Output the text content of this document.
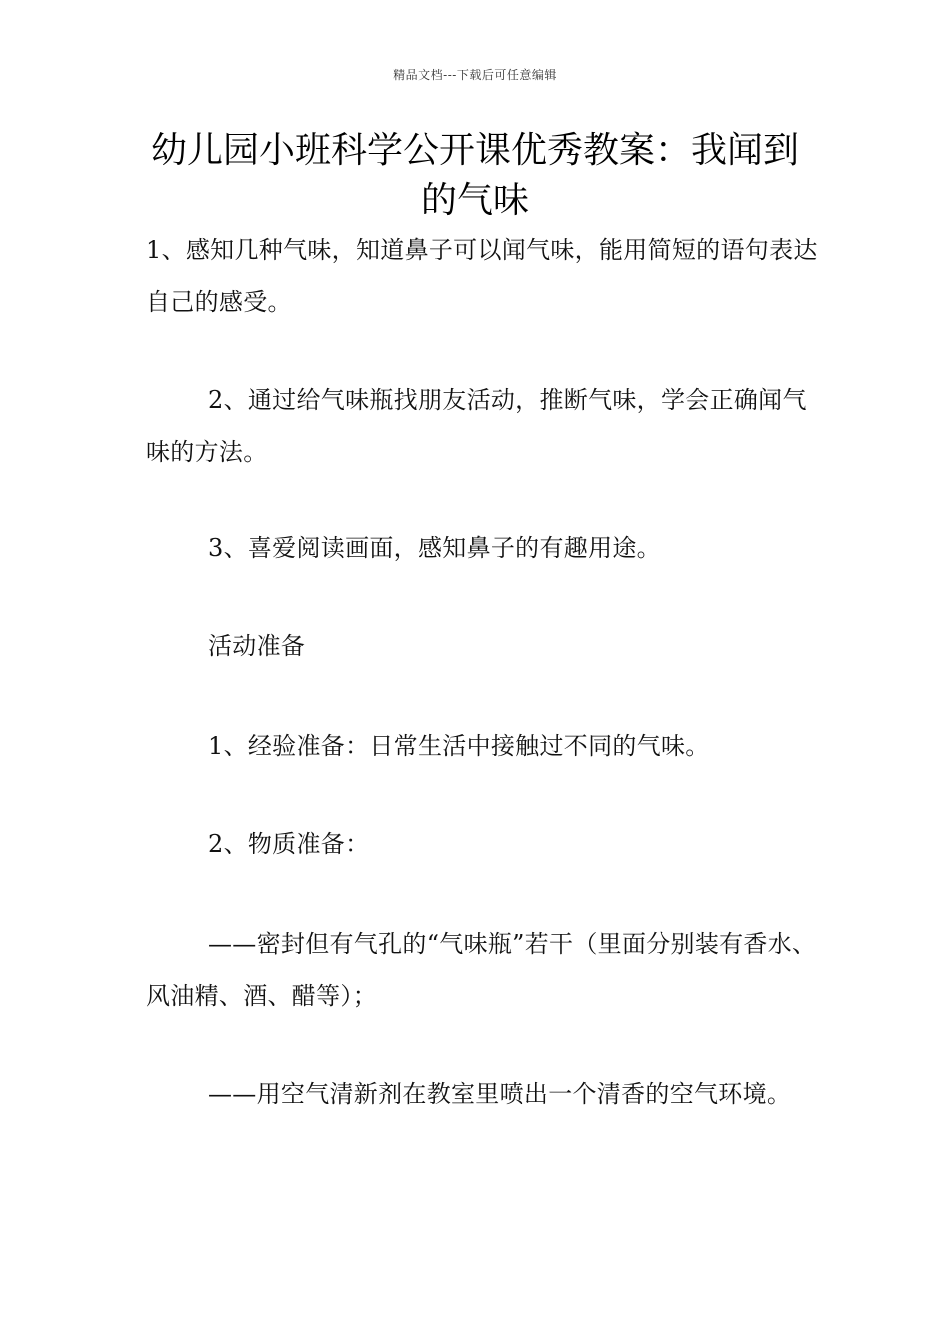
精品文档---下载后可任意编辑
幼儿园小班科学公开课优秀教案：我闻到的气味

1、感知几种气味，知道鼻子可以闻气味，能用简短的语句表达自己的感受。

2、通过给气味瓶找朋友活动，推断气味，学会正确闻气味的方法。

3、喜爱阅读画面，感知鼻子的有趣用途。

活动准备

1、经验准备：日常生活中接触过不同的气味。

2、物质准备：

——密封但有气孔的“气味瓶”若干（里面分别装有香水、风油精、酒、醋等）；

——用空气清新剂在教室里喷出一个清香的空气环境。
